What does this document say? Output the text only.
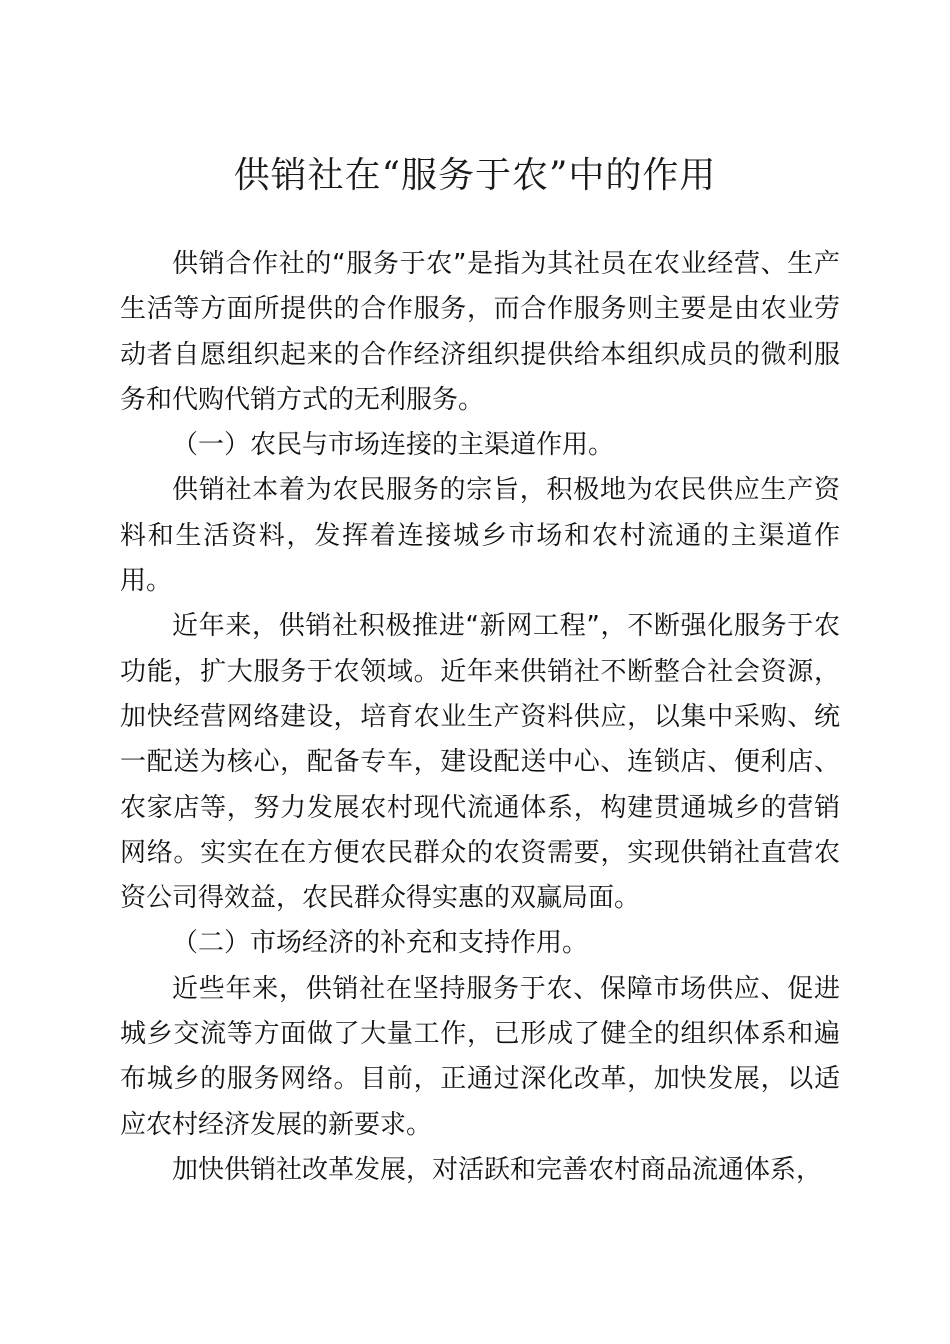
供销社在“服务于农”中的作用

供销合作社的“服务于农”是指为其社员在农业经营、生产生活等方面所提供的合作服务，而合作服务则主要是由农业劳动者自愿组织起来的合作经济组织提供给本组织成员的微利服务和代购代销方式的无利服务。

（一）农民与市场连接的主渠道作用。

供销社本着为农民服务的宗旨，积极地为农民供应生产资料和生活资料，发挥着连接城乡市场和农村流通的主渠道作用。

近年来，供销社积极推进“新网工程”，不断强化服务于农功能，扩大服务于农领域。近年来供销社不断整合社会资源，加快经营网络建设，培育农业生产资料供应，以集中采购、统一配送为核心，配备专车，建设配送中心、连锁店、便利店、农家店等，努力发展农村现代流通体系，构建贯通城乡的营销网络。实实在在方便农民群众的农资需要，实现供销社直营农资公司得效益，农民群众得实惠的双赢局面。

（二）市场经济的补充和支持作用。

近些年来，供销社在坚持服务于农、保障市场供应、促进城乡交流等方面做了大量工作，已形成了健全的组织体系和遍布城乡的服务网络。目前，正通过深化改革，加快发展，以适应农村经济发展的新要求。

加快供销社改革发展，对活跃和完善农村商品流通体系，
